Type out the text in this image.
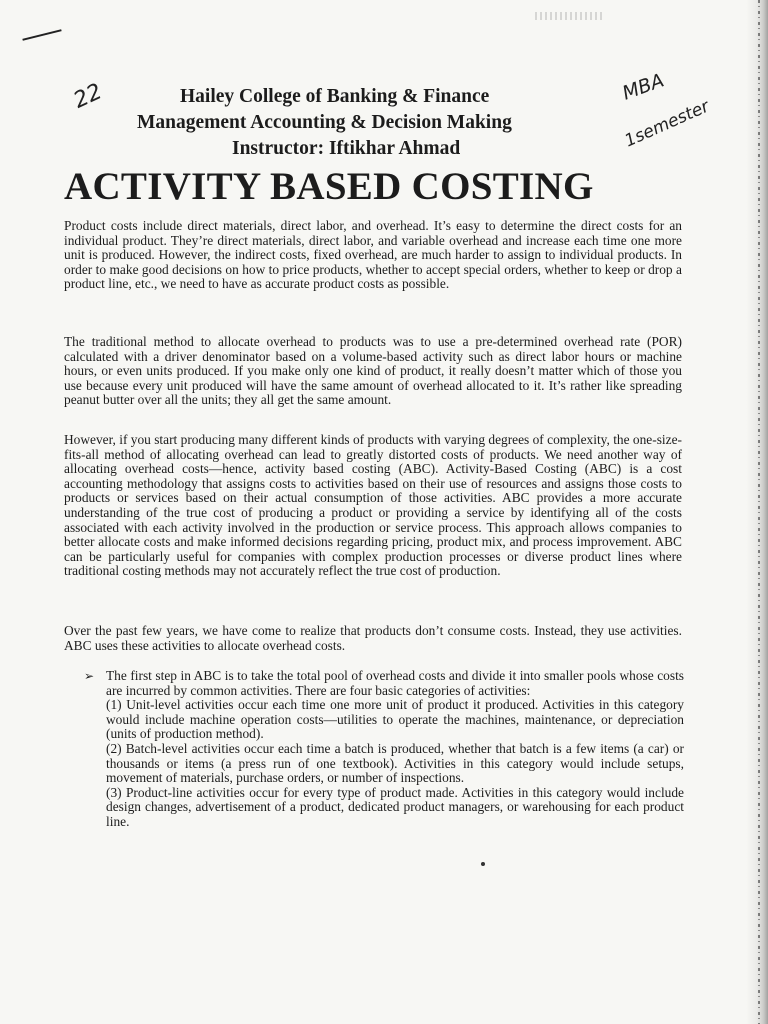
22	MBA
1semester
Hailey College of Banking & Finance
Management Accounting & Decision Making
Instructor: Iftikhar Ahmad
ACTIVITY BASED COSTING

Product costs include direct materials, direct labor, and overhead. It’s easy to determine the direct costs for an individual product. They’re direct materials, direct labor, and variable overhead and increase each time one more unit is produced. However, the indirect costs, fixed overhead, are much harder to assign to individual products. In order to make good decisions on how to price products, whether to accept special orders, whether to keep or drop a product line, etc., we need to have as accurate product costs as possible.

The traditional method to allocate overhead to products was to use a pre-determined overhead rate (POR) calculated with a driver denominator based on a volume-based activity such as direct labor hours or machine hours, or even units produced. If you make only one kind of product, it really doesn’t matter which of those you use because every unit produced will have the same amount of overhead allocated to it. It’s rather like spreading peanut butter over all the units; they all get the same amount.

However, if you start producing many different kinds of products with varying degrees of complexity, the one-size-fits-all method of allocating overhead can lead to greatly distorted costs of products. We need another way of allocating overhead costs—hence, activity based costing (ABC). Activity-Based Costing (ABC) is a cost accounting methodology that assigns costs to activities based on their use of resources and assigns those costs to products or services based on their actual consumption of those activities. ABC provides a more accurate understanding of the true cost of producing a product or providing a service by identifying all of the costs associated with each activity involved in the production or service process. This approach allows companies to better allocate costs and make informed decisions regarding pricing, product mix, and process improvement. ABC can be particularly useful for companies with complex production processes or diverse product lines where traditional costing methods may not accurately reflect the true cost of production.

Over the past few years, we have come to realize that products don’t consume costs. Instead, they use activities. ABC uses these activities to allocate overhead costs.

➢ The first step in ABC is to take the total pool of overhead costs and divide it into smaller pools whose costs are incurred by common activities. There are four basic categories of activities:

(1) Unit-level activities occur each time one more unit of product it produced. Activities in this category would include machine operation costs—utilities to operate the machines, maintenance, or depreciation (units of production method).

(2) Batch-level activities occur each time a batch is produced, whether that batch is a few items (a car) or thousands or items (a press run of one textbook). Activities in this category would include setups, movement of materials, purchase orders, or number of inspections.

(3) Product-line activities occur for every type of product made. Activities in this category would include design changes, advertisement of a product, dedicated product managers, or warehousing for each product line.
